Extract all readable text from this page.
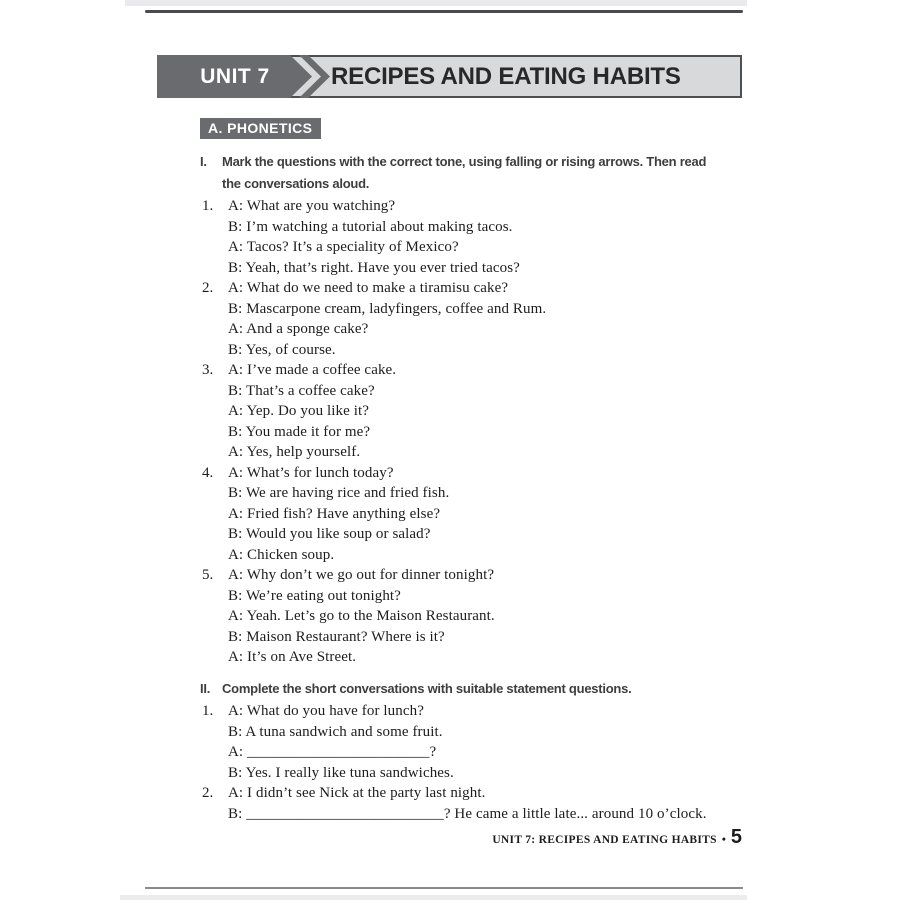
UNIT 7	RECIPES AND EATING HABITS
A. PHONETICS
I.	Mark the questions with the correct tone, using falling or rising arrows. Then read the conversations aloud.
1. A: What are you watching?
B: I’m watching a tutorial about making tacos.
A: Tacos? It’s a speciality of Mexico?
B: Yeah, that’s right. Have you ever tried tacos?
2. A: What do we need to make a tiramisu cake?
B: Mascarpone cream, ladyfingers, coffee and Rum.
A: And a sponge cake?
B: Yes, of course.
3. A: I’ve made a coffee cake.
B: That’s a coffee cake?
A: Yep. Do you like it?
B: You made it for me?
A: Yes, help yourself.
4. A: What’s for lunch today?
B: We are having rice and fried fish.
A: Fried fish? Have anything else?
B: Would you like soup or salad?
A: Chicken soup.
5. A: Why don’t we go out for dinner tonight?
B: We’re eating out tonight?
A: Yeah. Let’s go to the Maison Restaurant.
B: Maison Restaurant? Where is it?
A: It’s on Ave Street.
II. Complete the short conversations with suitable statement questions.
1. A: What do you have for lunch?
B: A tuna sandwich and some fruit.
A: ________________________?
B: Yes. I really like tuna sandwiches.
2. A: I didn’t see Nick at the party last night.
B: __________________________? He came a little late... around 10 o’clock.
UNIT 7: RECIPES AND EATING HABITS • 5
